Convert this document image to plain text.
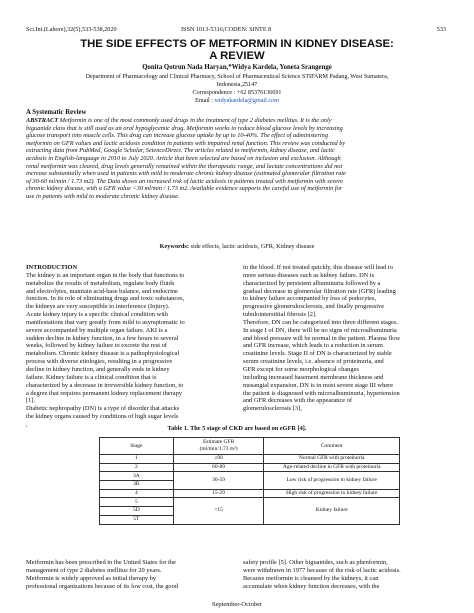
Sci.Int.(Lahore),32(5),533-538,2020	ISSN 1013-5316;CODEN: SINTE 8	533
THE SIDE EFFECTS OF METFORMIN IN KIDNEY DISEASE:
A REVIEW
Qonita Qotrun Nada Haryan,*Widya Kardela, Yoneta Srangenge
Department of Pharmacology and Clinical Pharmacy, School of Pharmaceutical Science STIFARM Padang, West Sumatera,
Indonesia,25147
Correspondence : +62 85376136691
Email : widyakardela@gmail.com
A Systematic Review
ABSTRACT Metformin is one of the most commonly used drugs in the treatment of type 2 diabetes mellitus. It is the only
biguanide class that is still used as an oral hypoglycemic drug. Metformin works to reduce blood glucose levels by increasing
glucose transport into muscle cells. This drug can increase glucose uptake by up to 10-40%. The effect of administering
metformin on GFR values and lactic acidosis condition in patients with impaired renal function. This review was conducted by
extracting data from PubMed, Google Scholar, ScienceDirect. The articles related to metformin, kidney disease, and lactic
acidosis in English-language in 2010 to July 2020. Article that been selected are based on inclusion and exclusion. Although
renal metformin was cleared, drug levels generally remained within the therapeutic range, and lactate concentrations did not
increase substantially when used in patients with mild to moderate chronic kidney disease (estimated glomerular filtration rate
of 30-60 ml/min / 1.73 m2). The Data shows an increased risk of lactic acidosis in patients treated with metformin with severe
chronic kidney disease, with a GFR value <30 ml/min / 1.73 m2. Available evidence supports the careful use of metformin for
use in patients with mild to moderate chronic kidney disease.
Keywords: side effects, lactic acidosis, GFR, Kidney disease

INTRODUCTION

The kidney is an important organ in the body that functions to

metabolize the results of metabolism, regulate body fluids

and electrolytes, maintain acid-base balance, and endocrine

function. In its role of eliminating drugs and toxic substances,

the kidneys are very susceptible to interference (Injury).

Acute kidney injury is a specific clinical condition with

manifestations that vary greatly from mild to asymptomatic to

severe accompanied by multiple organ failure. AKI is a

sudden decline in kidney function, in a few hours to several

weeks, followed by kidney failure to excrete the rest of

metabolism. Chronic kidney disease is a pathophysiological

process with diverse etiologies, resulting in a progressive

decline in kidney function, and generally ends in kidney

failure. Kidney failure is a clinical condition that is

characterized by a decrease in irreversible kidney function, to

a degree that requires permanent kidney replacement therapy

[1].

Diabetic nephropathy (DN) is a type of disorder that attacks

the kidney organs caused by conditions of high sugar levels

,

in the blood. If not treated quickly, this disease will lead to

more serious diseases such as kidney failure. DN is

characterized by persistent albuminuria followed by a

gradual decrease in glomerular filtration rate (GFR) leading

to kidney failure accompanied by loss of podocytes,

progressive glomerulosclerosis, and finally progressive

tubulointerstitial fibrosis [2].

Therefore, DN can be categorized into three different stages.

In stage I of DN, there will be no signs of microalbuminuria

and blood pressure will be normal in the patient. Plasma flow

and GFR increase, which leads to a reduction in serum

creatinine levels. Stage II of DN is characterized by stable

serum creatinine levels, i.e. absence of proteinuria, and

GFR except for some morphological changes

including increased basement membrane thickness and

mesangial expansion. DN is in most severe stage III where

the patient is diagnosed with microalbuminuria, hypertension

and GFR decreases with the appearance of

glomerulosclerosis [3],

Table 1. The 5 stage of CKD are based on eGFR [4].
Stage	Estimate GFR
(ml/min/1.73 m²)	Comment
1	≥90	Normal GFR with proteinuria
2	60-89	Age-related decline in GFR with proteinuria
3A	30-59	Low risk of progression to kidney failure
3B		
4	15-29	High risk of progression to kidney failure
5	<15	Kidney failure
5D		
5T		

Metformin has been prescribed in the United States for the

management of type 2 diabetes mellitus for 20 years.

Metformin is widely approved as initial therapy by

professional organizations because of its low cost, the good

safety profile [5]. Other biguanides, such as phenformin,

were withdrawn in 1977 because of the risk of lactic acidosis.

Because metformin is cleansed by the kidneys, it can

accumulate when kidney function decreases, with the

September-October
